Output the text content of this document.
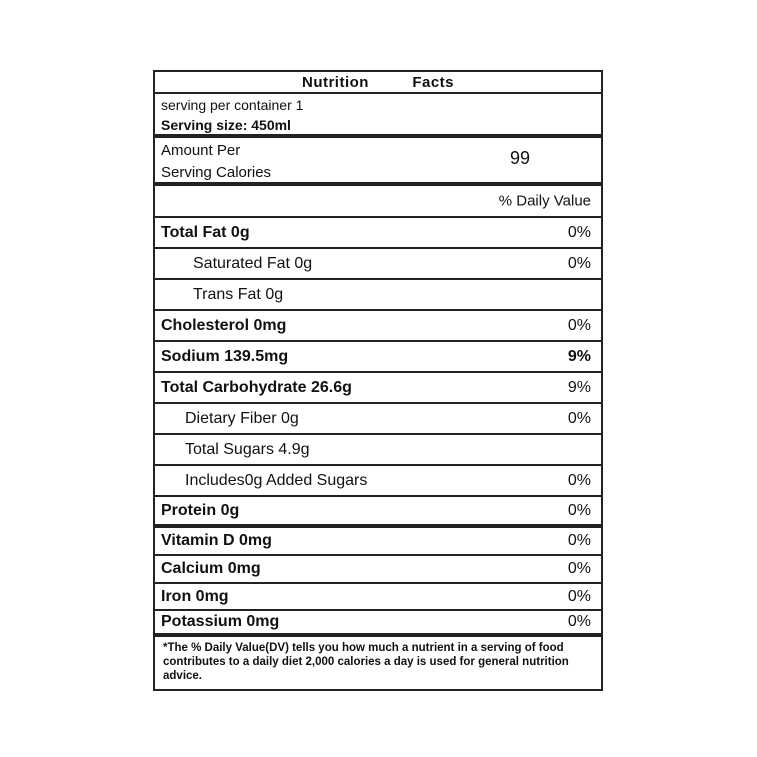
Nutrition	Facts
serving per container 1
Serving size: 450ml
Amount Per
Serving Calories
99
% Daily Value
Total Fat 0g	0%
Saturated Fat 0g	0%
Trans Fat 0g
Cholesterol 0mg	0%
Sodium 139.5mg	9%
Total Carbohydrate 26.6g	9%
Dietary Fiber 0g	0%
Total Sugars 4.9g
Includes0g Added Sugars	0%
Protein 0g	0%
Vitamin D 0mg	0%
Calcium 0mg	0%
Iron 0mg	0%
Potassium 0mg	0%
*The % Daily Value(DV) tells you how much a nutrient in a serving of food contributes to a daily diet 2,000 calories a day is used for general nutrition advice.
